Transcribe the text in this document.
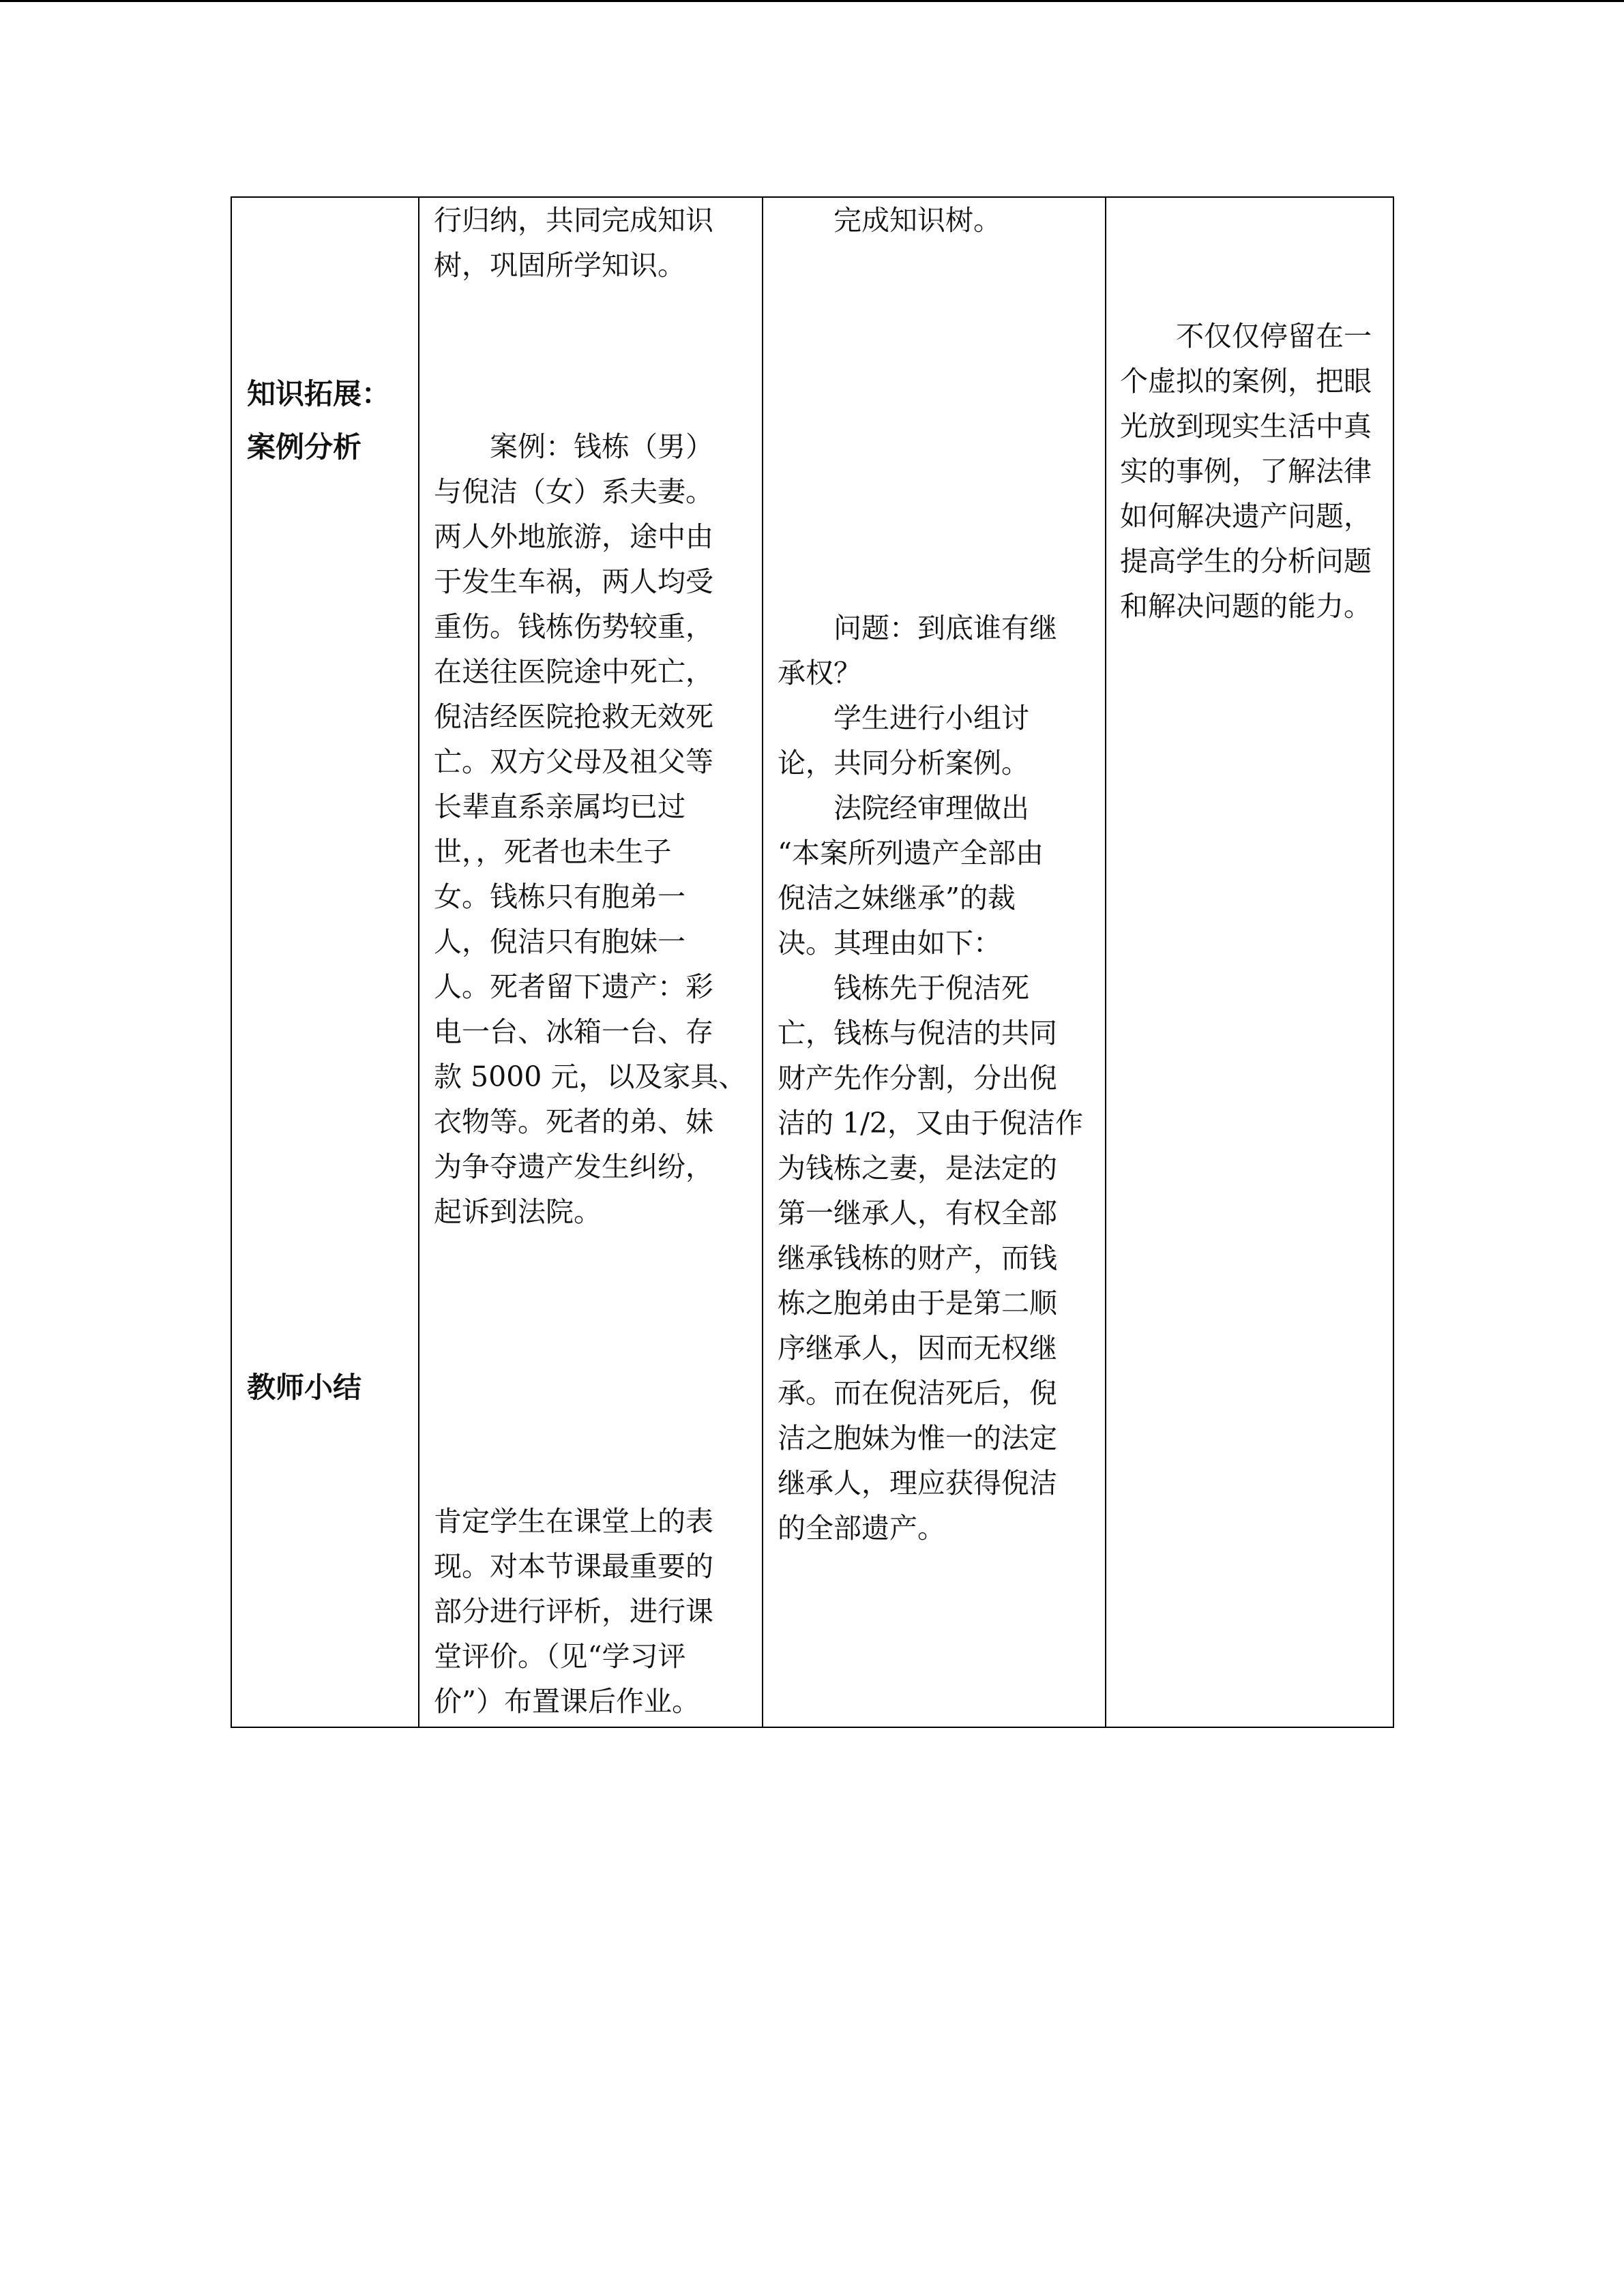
知识拓展：
案例分析
教师小结
行归纳，共同完成知识
树，巩固所学知识。
　　案例：钱栋（男）
与倪洁（女）系夫妻。
两人外地旅游，途中由
于发生车祸，两人均受
重伤。钱栋伤势较重，
在送往医院途中死亡，
倪洁经医院抢救无效死
亡。双方父母及祖父等
长辈直系亲属均已过
世，，死者也未生子
女。钱栋只有胞弟一
人，倪洁只有胞妹一
人。死者留下遗产：彩
电一台、冰箱一台、存
款 5000 元，以及家具、
衣物等。死者的弟、妹
为争夺遗产发生纠纷，
起诉到法院。
肯定学生在课堂上的表
现。对本节课最重要的
部分进行评析，进行课
堂评价。（见“学习评
价”）布置课后作业。
　　完成知识树。
　　问题：到底谁有继
承权？
　　学生进行小组讨
论，共同分析案例。
　　法院经审理做出
“本案所列遗产全部由
倪洁之妹继承”的裁
决。其理由如下：
　　钱栋先于倪洁死
亡，钱栋与倪洁的共同
财产先作分割，分出倪
洁的 1/2，又由于倪洁作
为钱栋之妻，是法定的
第一继承人，有权全部
继承钱栋的财产，而钱
栋之胞弟由于是第二顺
序继承人，因而无权继
承。而在倪洁死后，倪
洁之胞妹为惟一的法定
继承人，理应获得倪洁
的全部遗产。
　　不仅仅停留在一
个虚拟的案例，把眼
光放到现实生活中真
实的事例，了解法律
如何解决遗产问题，
提高学生的分析问题
和解决问题的能力。
